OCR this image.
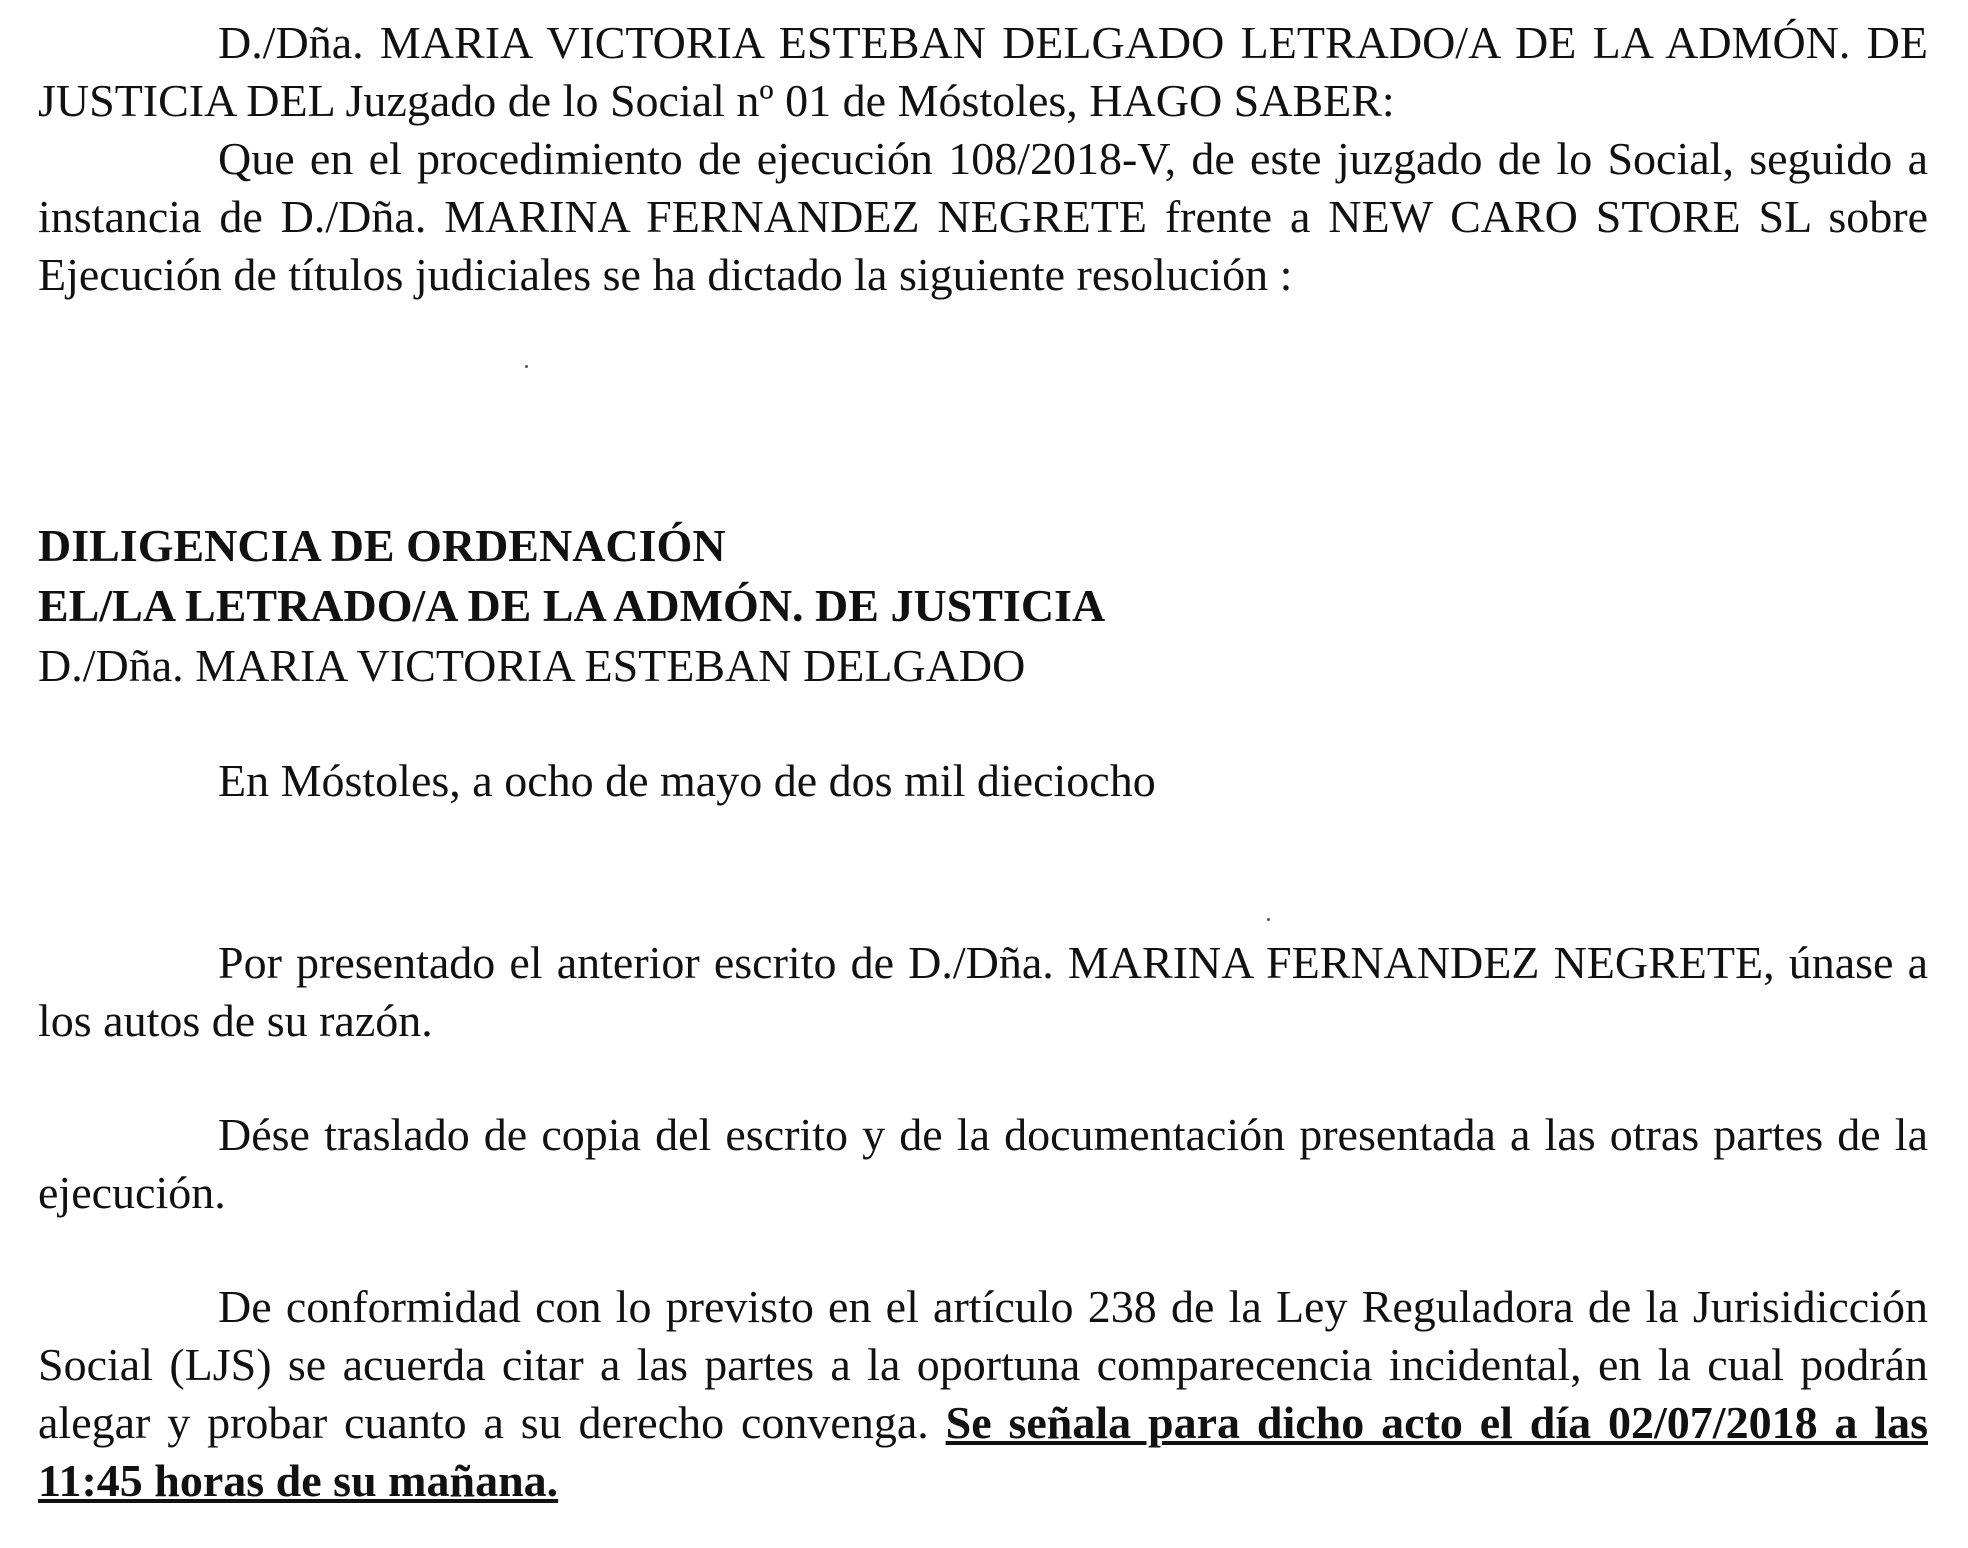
D./Dña. MARIA VICTORIA ESTEBAN DELGADO LETRADO/A DE LA ADMÓN. DE JUSTICIA DEL Juzgado de lo Social nº 01 de Móstoles, HAGO SABER:

Que en el procedimiento de ejecución 108/2018-V, de este juzgado de lo Social, seguido a instancia de D./Dña. MARINA FERNANDEZ NEGRETE frente a NEW CARO STORE SL sobre Ejecución de títulos judiciales se ha dictado la siguiente resolución :

DILIGENCIA DE ORDENACIÓN

EL/LA LETRADO/A DE LA ADMÓN. DE JUSTICIA

D./Dña. MARIA VICTORIA ESTEBAN DELGADO

En Móstoles, a ocho de mayo de dos mil dieciocho

Por presentado el anterior escrito de D./Dña. MARINA FERNANDEZ NEGRETE, únase a los autos de su razón.

Dése traslado de copia del escrito y de la documentación presentada a las otras partes de la ejecución.

De conformidad con lo previsto en el artículo 238 de la Ley Reguladora de la Jurisidicción Social (LJS) se acuerda citar a las partes a la oportuna comparecencia incidental, en la cual podrán alegar y probar cuanto a su derecho convenga. Se señala para dicho acto el día 02/07/2018 a las 11:45 horas de su mañana.
